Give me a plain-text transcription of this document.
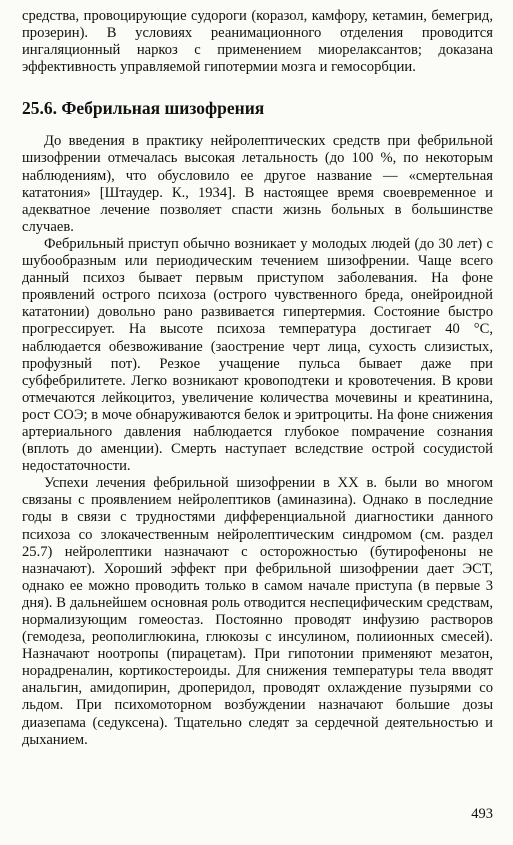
средства, провоцирующие судороги (коразол, камфору, кетамин, бемегрид, прозерин). В условиях реанимационного отделения проводится ингаляционный наркоз с применением миорелаксантов; доказана эффективность управляемой гипотермии мозга и гемосорбции.

25.6. Фебрильная шизофрения

До введения в практику нейролептических средств при фебрильной шизофрении отмечалась высокая летальность (до 100 %, по некоторым наблюдениям), что обусловило ее другое название — «смертельная кататония» [Штаудер. К., 1934]. В настоящее время своевременное и адекватное лечение позволяет спасти жизнь больных в большинстве случаев.

Фебрильный приступ обычно возникает у молодых людей (до 30 лет) с шубообразным или периодическим течением шизофрении. Чаще всего данный психоз бывает первым приступом заболевания. На фоне проявлений острого психоза (острого чувственного бреда, онейроидной кататонии) довольно рано развивается гипертермия. Состояние быстро прогрессирует. На высоте психоза температура достигает 40 °С, наблюдается обезвоживание (заострение черт лица, сухость слизистых, профузный пот). Резкое учащение пульса бывает даже при субфебрилитете. Легко возникают кровоподтеки и кровотечения. В крови отмечаются лейкоцитоз, увеличение количества мочевины и креатинина, рост СОЭ; в моче обнаруживаются белок и эритроциты. На фоне снижения артериального давления наблюдается глубокое помрачение сознания (вплоть до аменции). Смерть наступает вследствие острой сосудистой недостаточности.

Успехи лечения фебрильной шизофрении в XX в. были во многом связаны с проявлением нейролептиков (аминазина). Однако в последние годы в связи с трудностями дифференциальной диагностики данного психоза со злокачественным нейролептическим синдромом (см. раздел 25.7) нейролептики назначают с осторожностью (бутирофеноны не назначают). Хороший эффект при фебрильной шизофрении дает ЭСТ, однако ее можно проводить только в самом начале приступа (в первые 3 дня). В дальнейшем основная роль отводится неспецифическим средствам, нормализующим гомеостаз. Постоянно проводят инфузию растворов (гемодеза, реополиглюкина, глюкозы с инсулином, полиионных смесей). Назначают ноотропы (пирацетам). При гипотонии применяют мезатон, норадреналин, кортикостероиды. Для снижения температуры тела вводят анальгин, амидопирин, дроперидол, проводят охлаждение пузырями со льдом. При психомоторном возбуждении назначают большие дозы диазепама (седуксена). Тщательно следят за сердечной деятельностью и дыханием.

493
